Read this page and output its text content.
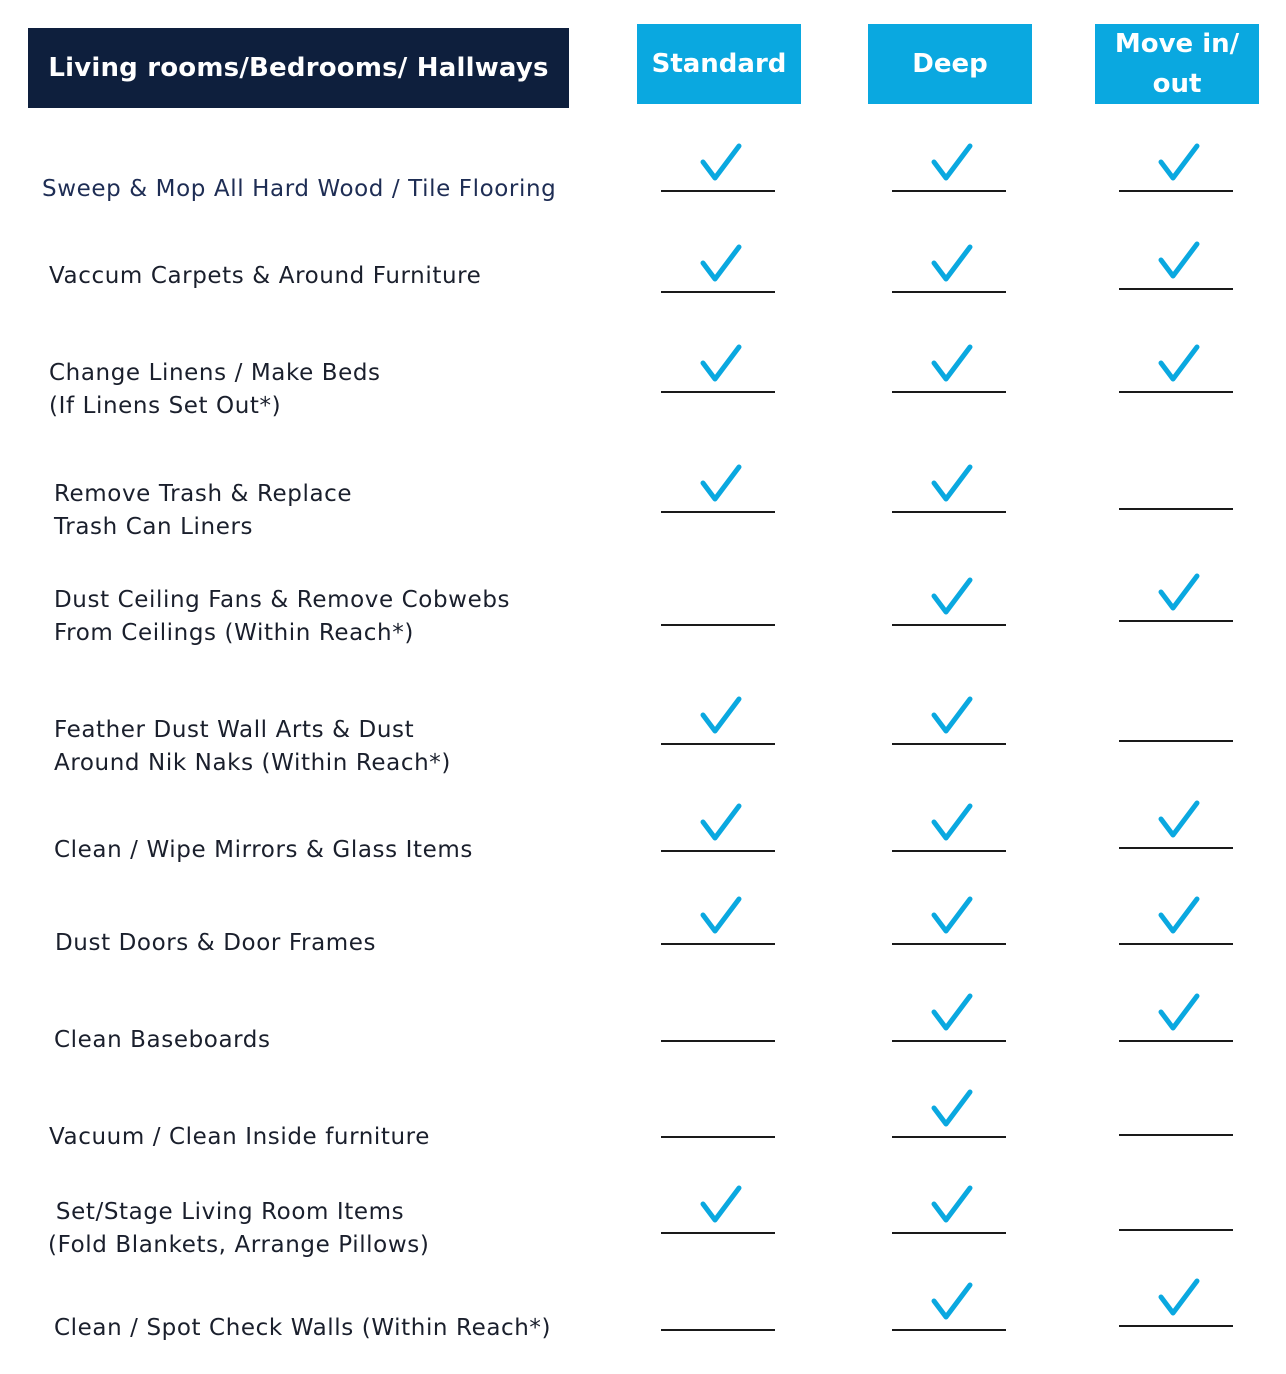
Living rooms/Bedrooms/ Hallways	Standard	Deep
Move in/ out
Sweep & Mop All Hard Wood / Tile Flooring
Vaccum Carpets & Around Furniture
Change Linens / Make Beds
(If Linens Set Out*)
Remove Trash & Replace
Trash Can Liners
Dust Ceiling Fans & Remove Cobwebs
From Ceilings (Within Reach*)
Feather Dust Wall Arts & Dust
Around Nik Naks (Within Reach*)
Clean / Wipe Mirrors & Glass Items
Dust Doors & Door Frames
Clean Baseboards
Vacuum / Clean Inside furniture
Set/Stage Living Room Items
(Fold Blankets, Arrange Pillows)
Clean / Spot Check Walls (Within Reach*)
